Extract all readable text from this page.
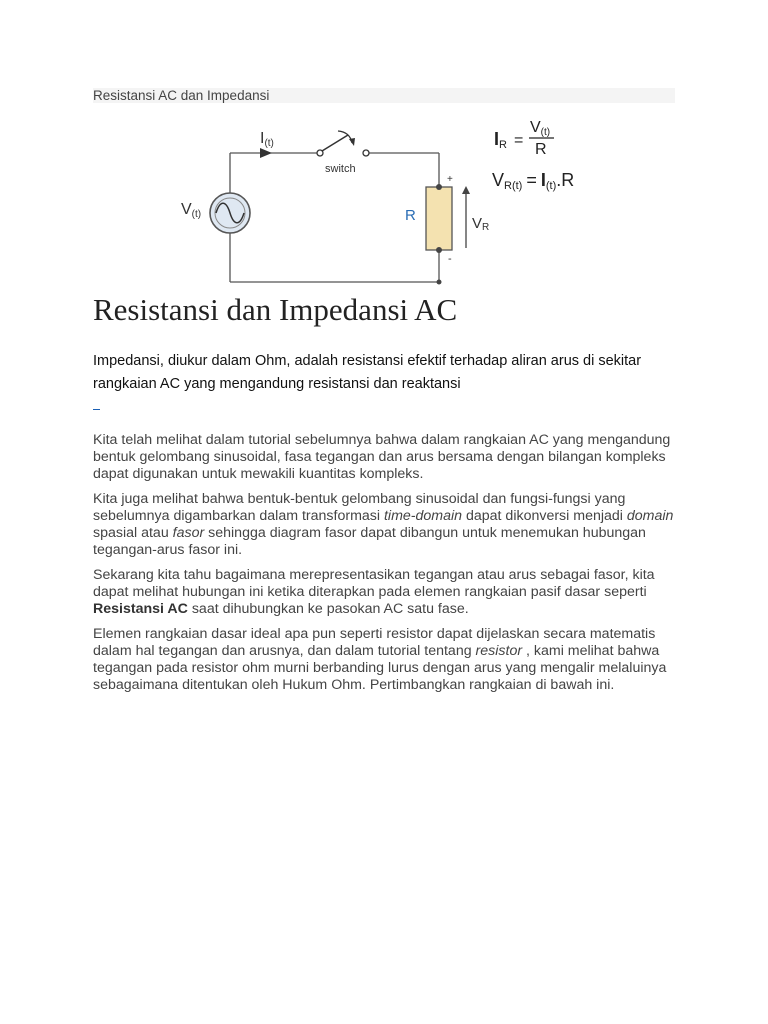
Resistansi AC dan Impedansi
I(t)
switch
V(t)	R
+
-
VR
IR =
V(t)
R
VR(t) = I(t).R
Resistansi dan Impedansi AC

Impedansi, diukur dalam Ohm, adalah resistansi efektif terhadap aliran arus di sekitar rangkaian AC yang mengandung resistansi dan reaktansi

Kita telah melihat dalam tutorial sebelumnya bahwa dalam rangkaian AC yang mengandung bentuk gelombang sinusoidal, fasa tegangan dan arus bersama dengan bilangan kompleks dapat digunakan untuk mewakili kuantitas kompleks.

Kita juga melihat bahwa bentuk-bentuk gelombang sinusoidal dan fungsi-fungsi yang sebelumnya digambarkan dalam transformasi time-domain dapat dikonversi menjadi domain spasial atau fasor sehingga diagram fasor dapat dibangun untuk menemukan hubungan tegangan-arus fasor ini.

Sekarang kita tahu bagaimana merepresentasikan tegangan atau arus sebagai fasor, kita dapat melihat hubungan ini ketika diterapkan pada elemen rangkaian pasif dasar seperti Resistansi AC saat dihubungkan ke pasokan AC satu fase.

Elemen rangkaian dasar ideal apa pun seperti resistor dapat dijelaskan secara matematis dalam hal tegangan dan arusnya, dan dalam tutorial tentang resistor , kami melihat bahwa tegangan pada resistor ohm murni berbanding lurus dengan arus yang mengalir melaluinya sebagaimana ditentukan oleh Hukum Ohm. Pertimbangkan rangkaian di bawah ini.
